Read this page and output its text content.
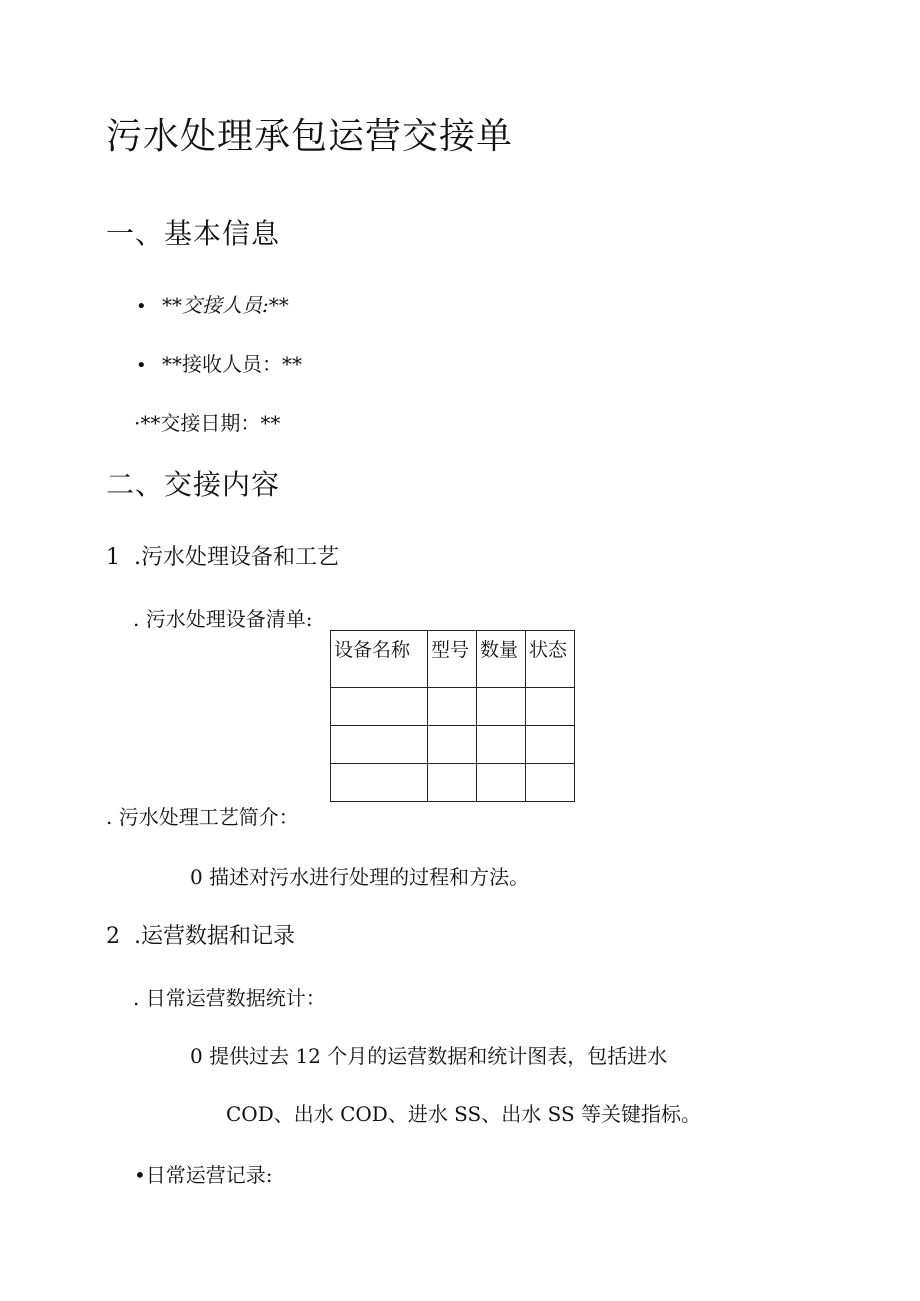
污水处理承包运营交接单
一、基本信息
• **交接人员:**
• **接收人员：**
·**交接日期：**
二、交接内容
1 .污水处理设备和工艺
. 污水处理设备清单:
设备名称	型号	数量	状态

. 污水处理工艺简介：
0 描述对污水进行处理的过程和方法。
2 .运营数据和记录
. 日常运营数据统计：
0 提供过去 12 个月的运营数据和统计图表，包括进水
COD、出水 COD、进水 SS、出水 SS 等关键指标。
•日常运营记录:
